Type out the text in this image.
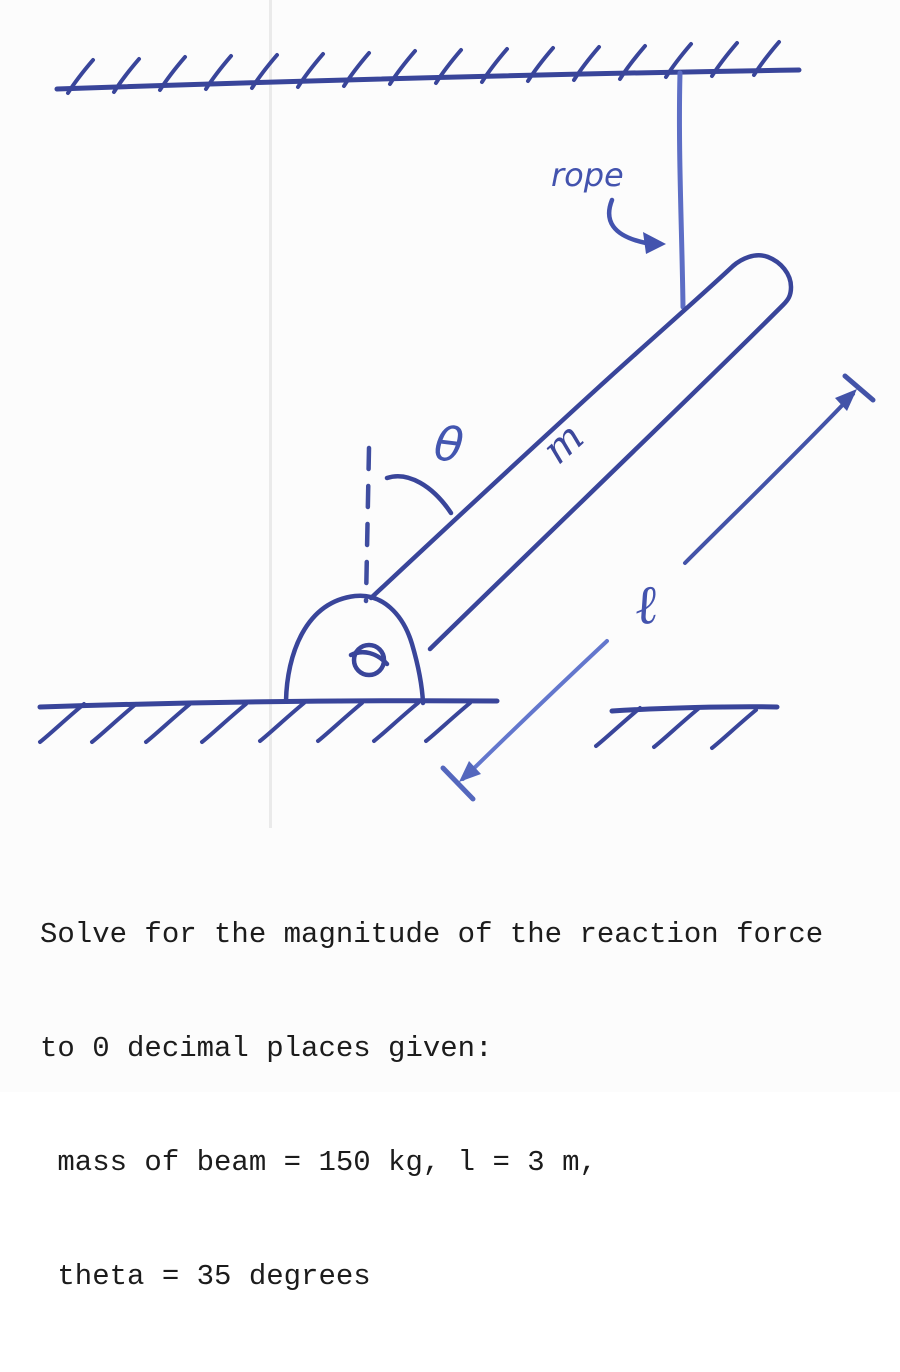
rope
m
θ
ℓ

Solve for the magnitude of the reaction force

to 0 decimal places given:

mass of beam = 150 kg, l = 3 m,

theta = 35 degrees
